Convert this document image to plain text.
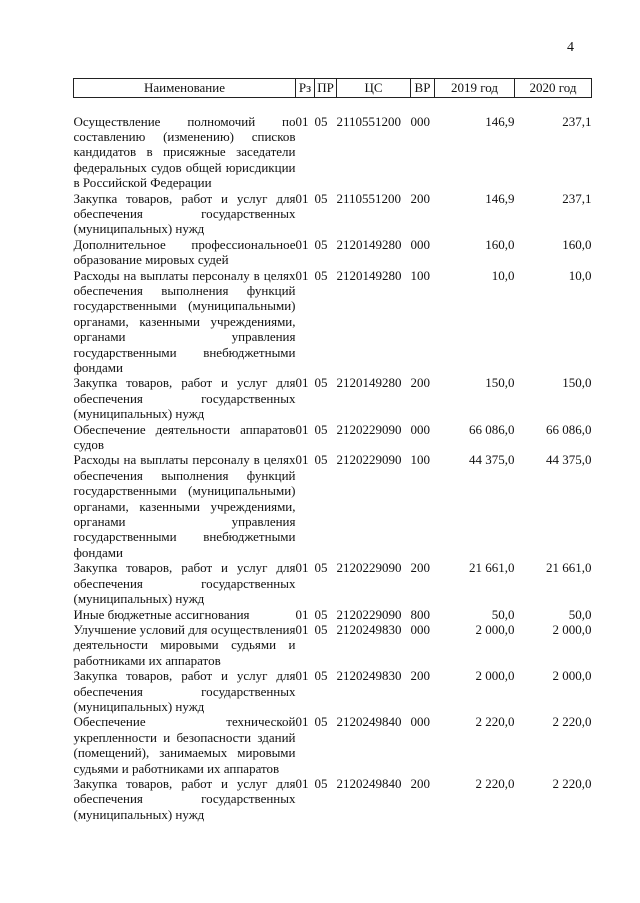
4
Наименование	Рз	ПР	ЦС	ВР	2019 год	2020 год

Осуществление полномочий по составлению (изменению) списков кандидатов в присяжные заседатели федеральных судов общей юрисдикции в Российской Федерации	01	05	2110551200	000	146,9	237,1
Закупка товаров, работ и услуг для обеспечения государственных (муниципальных) нужд	01	05	2110551200	200	146,9	237,1
Дополнительное профессиональное образование мировых судей	01	05	2120149280	000	160,0	160,0
Расходы на выплаты персоналу в целях обеспечения выполнения функций государственными (муниципальными) органами, казенными учреждениями, органами управления государственными внебюджетными фондами	01	05	2120149280	100	10,0	10,0
Закупка товаров, работ и услуг для обеспечения государственных (муниципальных) нужд	01	05	2120149280	200	150,0	150,0
Обеспечение деятельности аппаратов судов	01	05	2120229090	000	66 086,0	66 086,0
Расходы на выплаты персоналу в целях обеспечения выполнения функций государственными (муниципальными) органами, казенными учреждениями, органами управления государственными внебюджетными фондами	01	05	2120229090	100	44 375,0	44 375,0
Закупка товаров, работ и услуг для обеспечения государственных (муниципальных) нужд	01	05	2120229090	200	21 661,0	21 661,0
Иные бюджетные ассигнования	01	05	2120229090	800	50,0	50,0
Улучшение условий для осуществления деятельности мировыми судьями и работниками их аппаратов	01	05	2120249830	000	2 000,0	2 000,0
Закупка товаров, работ и услуг для обеспечения государственных (муниципальных) нужд	01	05	2120249830	200	2 000,0	2 000,0
Обеспечение технической укрепленности и безопасности зданий (помещений), занимаемых мировыми судьями и работниками их аппаратов	01	05	2120249840	000	2 220,0	2 220,0
Закупка товаров, работ и услуг для обеспечения государственных (муниципальных) нужд	01	05	2120249840	200	2 220,0	2 220,0
